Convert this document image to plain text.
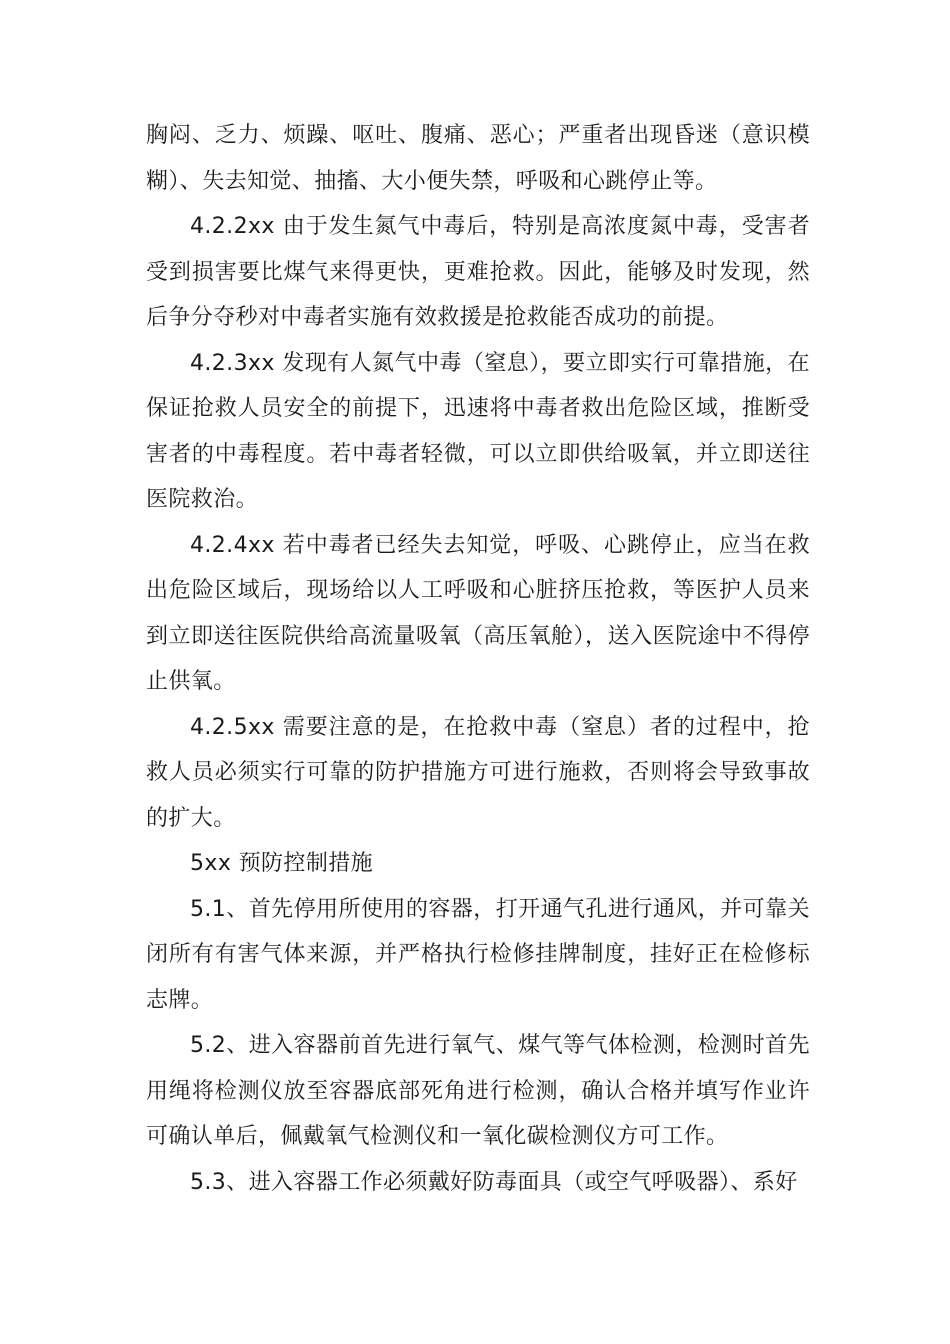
胸闷、乏力、烦躁、呕吐、腹痛、恶心；严重者出现昏迷（意识模糊）、失去知觉、抽搐、大小便失禁，呼吸和心跳停止等。

4.2.2xx 由于发生氮气中毒后，特别是高浓度氮中毒，受害者受到损害要比煤气来得更快，更难抢救。因此，能够及时发现，然后争分夺秒对中毒者实施有效救援是抢救能否成功的前提。

4.2.3xx 发现有人氮气中毒（窒息），要立即实行可靠措施，在保证抢救人员安全的前提下，迅速将中毒者救出危险区域，推断受害者的中毒程度。若中毒者轻微，可以立即供给吸氧，并立即送往医院救治。

4.2.4xx 若中毒者已经失去知觉，呼吸、心跳停止，应当在救出危险区域后，现场给以人工呼吸和心脏挤压抢救，等医护人员来到立即送往医院供给高流量吸氧（高压氧舱），送入医院途中不得停止供氧。

4.2.5xx 需要注意的是，在抢救中毒（窒息）者的过程中，抢救人员必须实行可靠的防护措施方可进行施救，否则将会导致事故的扩大。

5xx 预防控制措施

5.1、首先停用所使用的容器，打开通气孔进行通风，并可靠关闭所有有害气体来源，并严格执行检修挂牌制度，挂好正在检修标志牌。

5.2、进入容器前首先进行氧气、煤气等气体检测，检测时首先用绳将检测仪放至容器底部死角进行检测，确认合格并填写作业许可确认单后，佩戴氧气检测仪和一氧化碳检测仪方可工作。

5.3、进入容器工作必须戴好防毒面具（或空气呼吸器）、系好
